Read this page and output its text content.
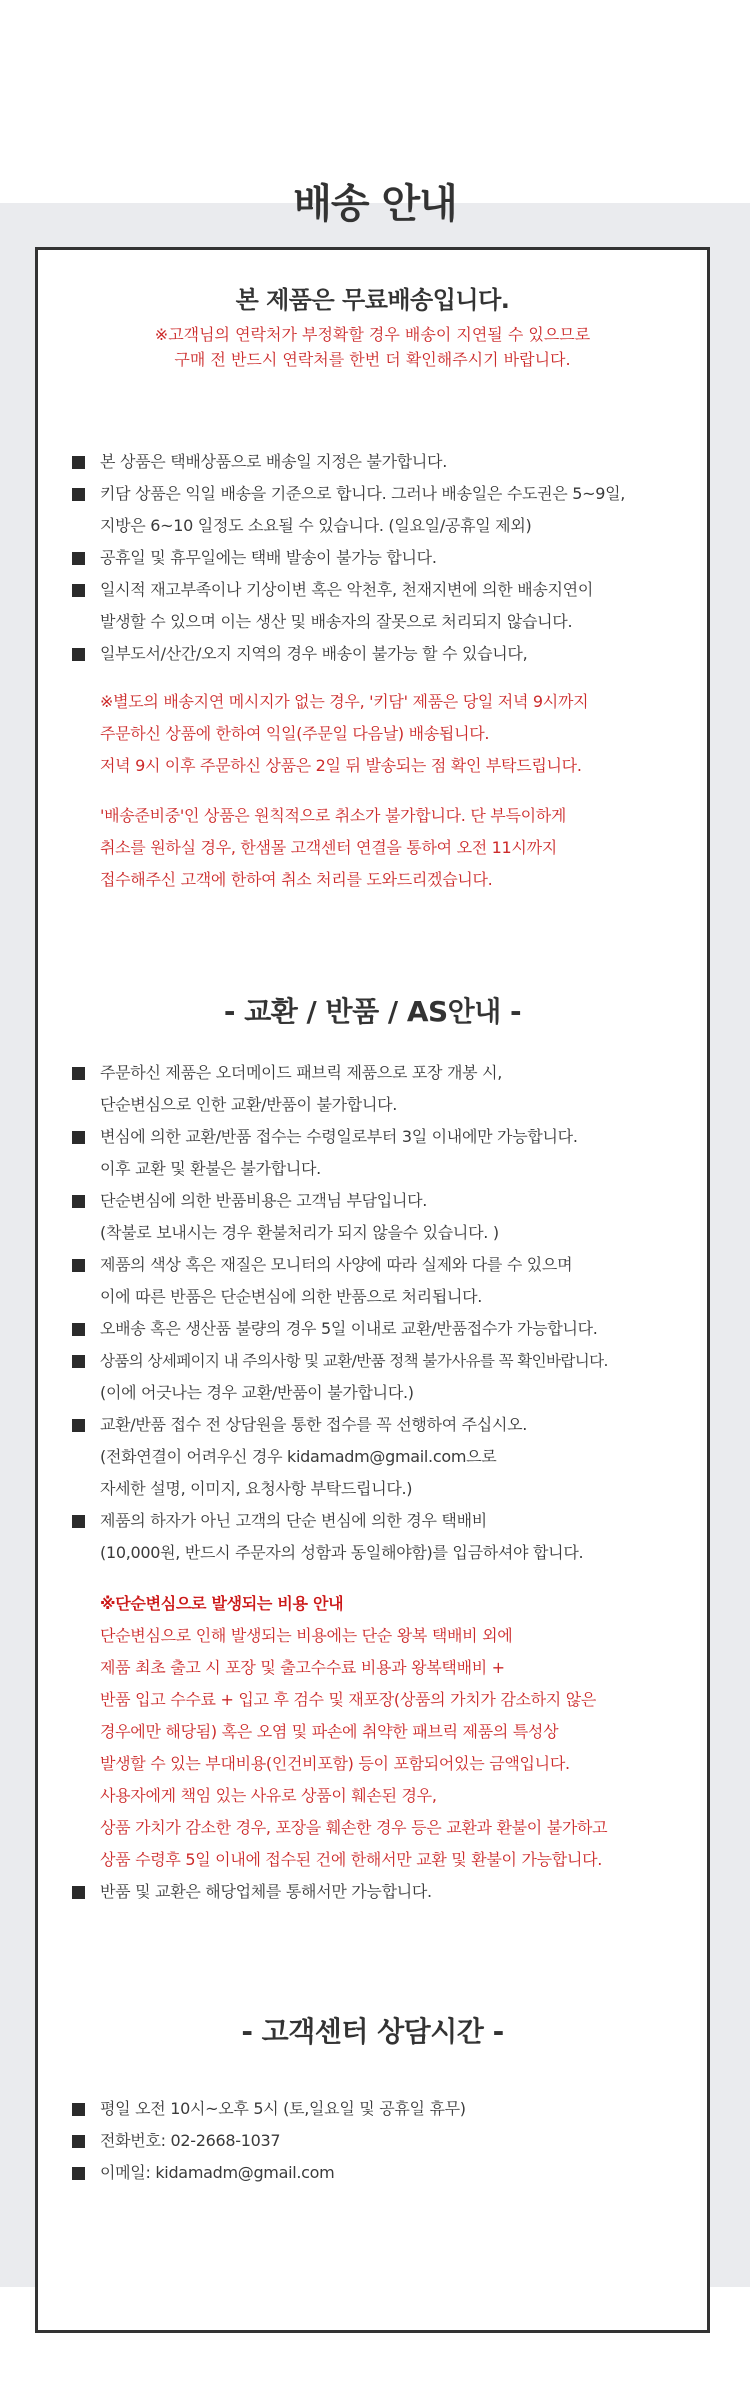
배송 안내
본 제품은 무료배송입니다.
※고객님의 연락처가 부정확할 경우 배송이 지연될 수 있으므로
구매 전 반드시 연락처를 한번 더 확인해주시기 바랍니다.
본 상품은 택배상품으로 배송일 지정은 불가합니다.
키담 상품은 익일 배송을 기준으로 합니다. 그러나 배송일은 수도권은 5~9일,
지방은 6~10 일정도 소요될 수 있습니다. (일요일/공휴일 제외)
공휴일 및 휴무일에는 택배 발송이 불가능 합니다.
일시적 재고부족이나 기상이변 혹은 악천후, 천재지변에 의한 배송지연이
발생할 수 있으며 이는 생산 및 배송자의 잘못으로 처리되지 않습니다.
일부도서/산간/오지 지역의 경우 배송이 불가능 할 수 있습니다,
※별도의 배송지연 메시지가 없는 경우, '키담' 제품은 당일 저녁 9시까지
주문하신 상품에 한하여 익일(주문일 다음날) 배송됩니다.
저녁 9시 이후 주문하신 상품은 2일 뒤 발송되는 점 확인 부탁드립니다.
'배송준비중'인 상품은 원칙적으로 취소가 불가합니다. 단 부득이하게
취소를 원하실 경우, 한샘몰 고객센터 연결을 통하여 오전 11시까지
접수해주신 고객에 한하여 취소 처리를 도와드리겠습니다.
- 교환 / 반품 / AS안내 -
주문하신 제품은 오더메이드 패브릭 제품으로 포장 개봉 시,
단순변심으로 인한 교환/반품이 불가합니다.
변심에 의한 교환/반품 접수는 수령일로부터 3일 이내에만 가능합니다.
이후 교환 및 환불은 불가합니다.
단순변심에 의한 반품비용은 고객님 부담입니다.
(착불로 보내시는 경우 환불처리가 되지 않을수 있습니다. )
제품의 색상 혹은 재질은 모니터의 사양에 따라 실제와 다를 수 있으며
이에 따른 반품은 단순변심에 의한 반품으로 처리됩니다.
오배송 혹은 생산품 불량의 경우 5일 이내로 교환/반품접수가 가능합니다.
상품의 상세페이지 내 주의사항 및 교환/반품 정책 불가사유를 꼭 확인바랍니다.
(이에 어긋나는 경우 교환/반품이 불가합니다.)
교환/반품 접수 전 상담원을 통한 접수를 꼭 선행하여 주십시오.
(전화연결이 어려우신 경우 kidamadm@gmail.com으로
자세한 설명, 이미지, 요청사항 부탁드립니다.)
제품의 하자가 아닌 고객의 단순 변심에 의한 경우 택배비
(10,000원, 반드시 주문자의 성함과 동일해야함)를 입금하셔야 합니다.
※단순변심으로 발생되는 비용 안내
단순변심으로 인해 발생되는 비용에는 단순 왕복 택배비 외에
제품 최초 출고 시 포장 및 출고수수료 비용과 왕복택배비 +
반품 입고 수수료 + 입고 후 검수 및 재포장(상품의 가치가 감소하지 않은
경우에만 해당됨) 혹은 오염 및 파손에 취약한 패브릭 제품의 특성상
발생할 수 있는 부대비용(인건비포함) 등이 포함되어있는 금액입니다.
사용자에게 책임 있는 사유로 상품이 훼손된 경우,
상품 가치가 감소한 경우, 포장을 훼손한 경우 등은 교환과 환불이 불가하고
상품 수령후 5일 이내에 접수된 건에 한해서만 교환 및 환불이 가능합니다.
반품 및 교환은 해당업체를 통해서만 가능합니다.
- 고객센터 상담시간 -
평일 오전 10시~오후 5시 (토,일요일 및 공휴일 휴무)
전화번호: 02-2668-1037
이메일: kidamadm@gmail.com
